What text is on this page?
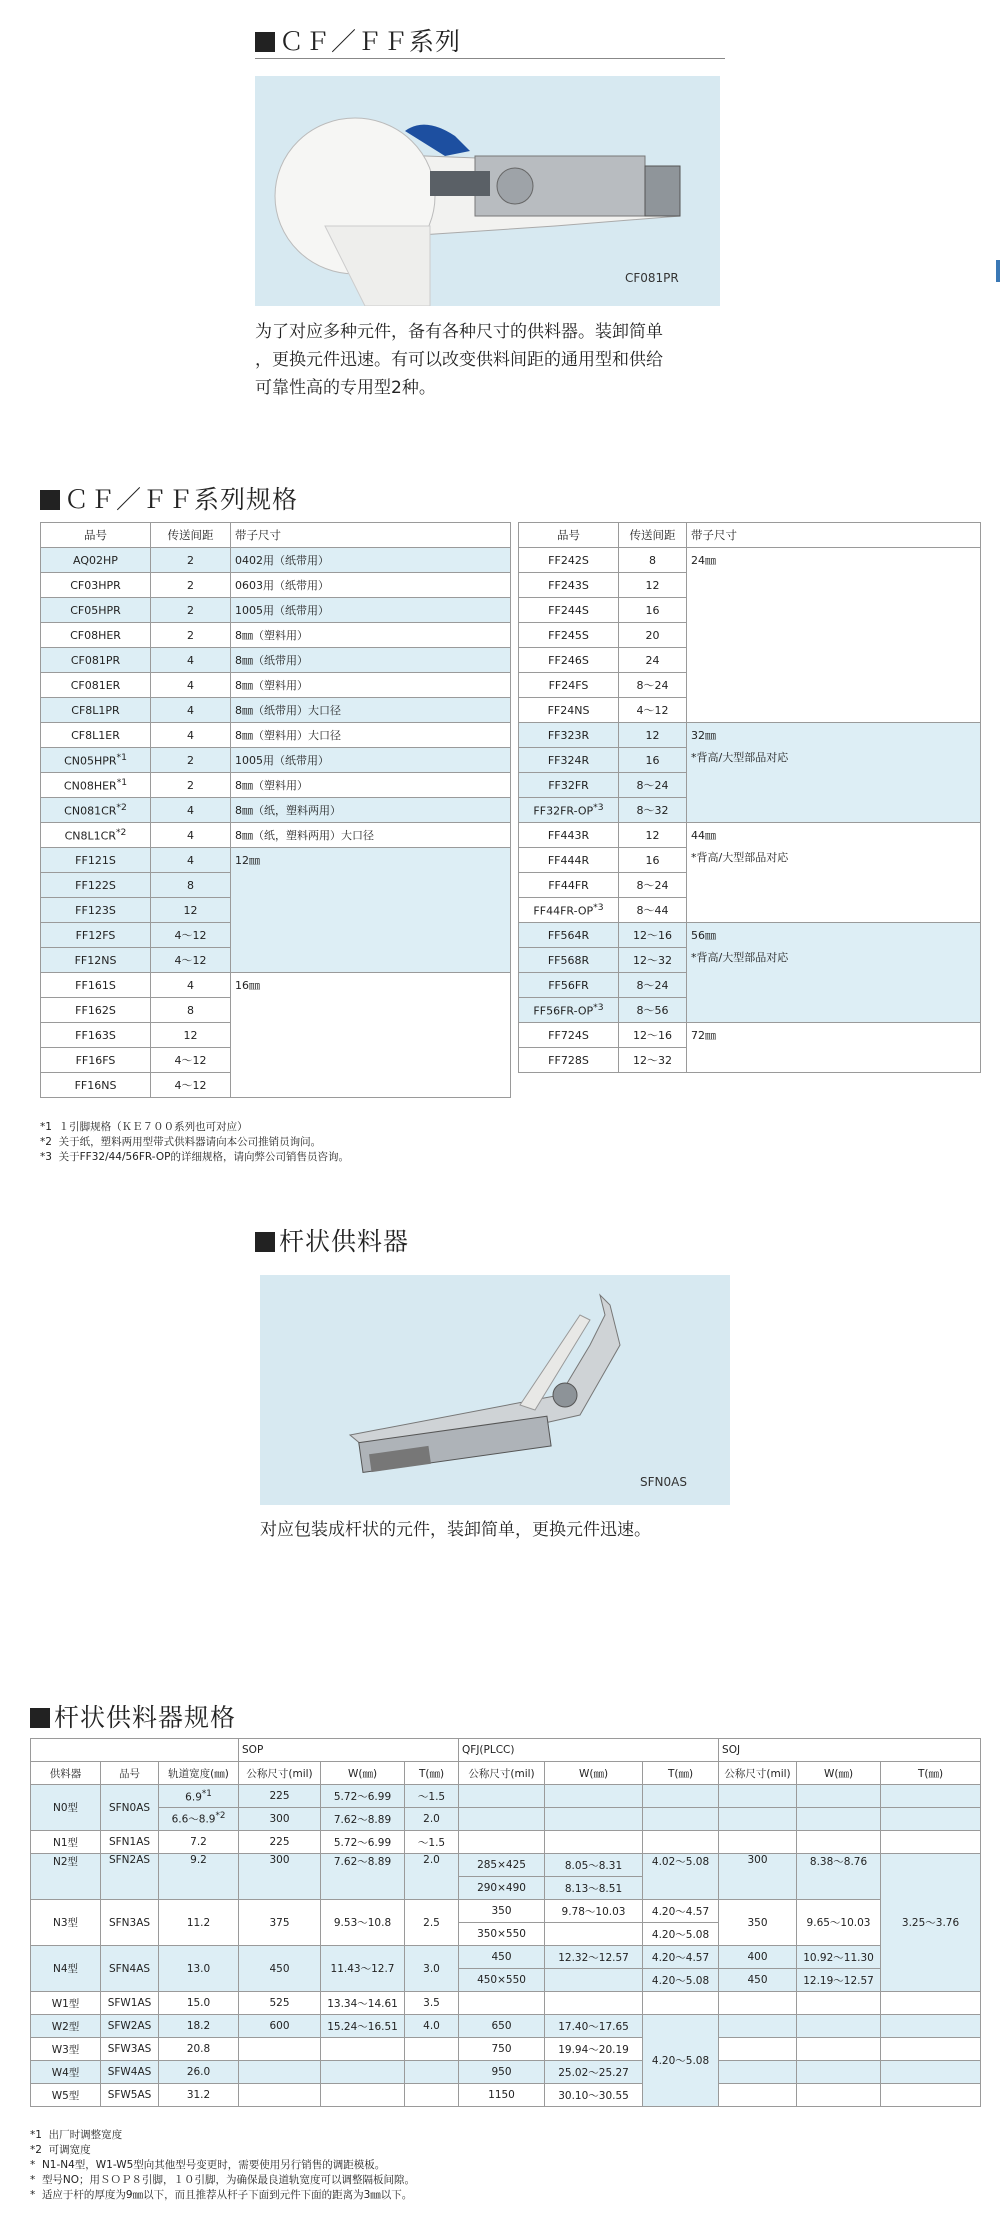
ＣＦ／ＦＦ系列
CF081PR
为了对应多种元件，备有各种尺寸的供料器。装卸简单
，更换元件迅速。有可以改变供料间距的通用型和供给
可靠性高的专用型2种。
ＣＦ／ＦＦ系列规格
品号	传送间距	带子尺寸
AQ02HP	2	0402用（纸带用）
CF03HPR	2	0603用（纸带用）
CF05HPR	2	1005用（纸带用）
CF08HER	2	8㎜（塑料用）
CF081PR	4	8㎜（纸带用）
CF081ER	4	8㎜（塑料用）
CF8L1PR	4	8㎜（纸带用）大口径
CF8L1ER	4	8㎜（塑料用）大口径
CN05HPR$^{*1}$	2	1005用（纸带用）
CN08HER$^{*1}$	2	8㎜（塑料用）
CN081CR$^{*2}$	4	8㎜（纸，塑料两用）
CN8L1CR$^{*2}$	4	8㎜（纸，塑料两用）大口径
FF121S	4	12㎜
FF122S	8	
FF123S	12	
FF12FS	4～12	
FF12NS	4～12	
FF161S	4	16㎜
FF162S	8	
FF163S	12	
FF16FS	4～12	
FF16NS	4～12	
品号	传送间距	带子尺寸
FF242S	8	24㎜
FF243S	12	
FF244S	16	
FF245S	20	
FF246S	24	
FF24FS	8～24	
FF24NS	4～12	
FF323R	12	32㎜
*背高/大型部品对応

FF324R	16	
FF32FR	8～24	
FF32FR-OP$^{*3}$	8～32	
FF443R	12	44㎜
*背高/大型部品对応

FF444R	16	
FF44FR	8～24	
FF44FR-OP$^{*3}$	8～44	
FF564R	12～16	56㎜
*背高/大型部品对応

FF568R	12～32	
FF56FR	8～24	
FF56FR-OP$^{*3}$	8～56	
FF724S	12～16	72㎜
FF728S	12～32	
*1 １引脚规格（ＫＥ７００系列也可对应）
*2 关于纸，塑料两用型带式供料器请向本公司推销员询问。
*3 关于FF32/44/56FR-OP的详细规格，请向弊公司销售员咨询。
杆状供料器
SFN0AS
对应包装成杆状的元件，装卸简单，更换元件迅速。
杆状供料器规格
			SOP			QFJ(PLCC)			SOJ		
供料器	品号	轨道宽度(㎜)	公称尺寸(mil)	W(㎜)	T(㎜)	公称尺寸(mil)	W(㎜)	T(㎜)	公称尺寸(mil)	W(㎜)	T(㎜)
N0型	SFN0AS	6.9$^{*1}$	225	5.72～6.99	～1.5						
		6.6～8.9$^{*2}$	300	7.62～8.89	2.0						
N1型	SFN1AS	7.2	225	5.72～6.99	～1.5						
N2型	SFN2AS	9.2	300	7.62～8.89	2.0	285×425	8.05～8.31	4.02～5.08	300	8.38～8.76	3.25～3.76
						290×490	8.13～8.51				
N3型	SFN3AS	11.2	375	9.53～10.8	2.5	350	9.78～10.03	4.20～4.57	350	9.65～10.03	
						350×550		4.20～5.08			
N4型	SFN4AS	13.0	450	11.43～12.7	3.0	450	12.32～12.57	4.20～4.57	400	10.92～11.30	
						450×550		4.20～5.08	450	12.19～12.57	
W1型	SFW1AS	15.0	525	13.34～14.61	3.5						
W2型	SFW2AS	18.2	600	15.24～16.51	4.0	650	17.40～17.65	4.20～5.08			
W3型	SFW3AS	20.8				750	19.94～20.19				
W4型	SFW4AS	26.0				950	25.02～25.27				
W5型	SFW5AS	31.2				1150	30.10～30.55				
*1 出厂时调整宽度
*2 可调宽度
* N1-N4型，W1-W5型向其他型号变更时，需要使用另行销售的调距模板。
* 型号NO；用ＳＯＰ８引脚，１０引脚，为确保最良道轨宽度可以调整隔板间隙。
* 适应于杆的厚度为9㎜以下，而且推荐从杆子下面到元件下面的距离为3㎜以下。
